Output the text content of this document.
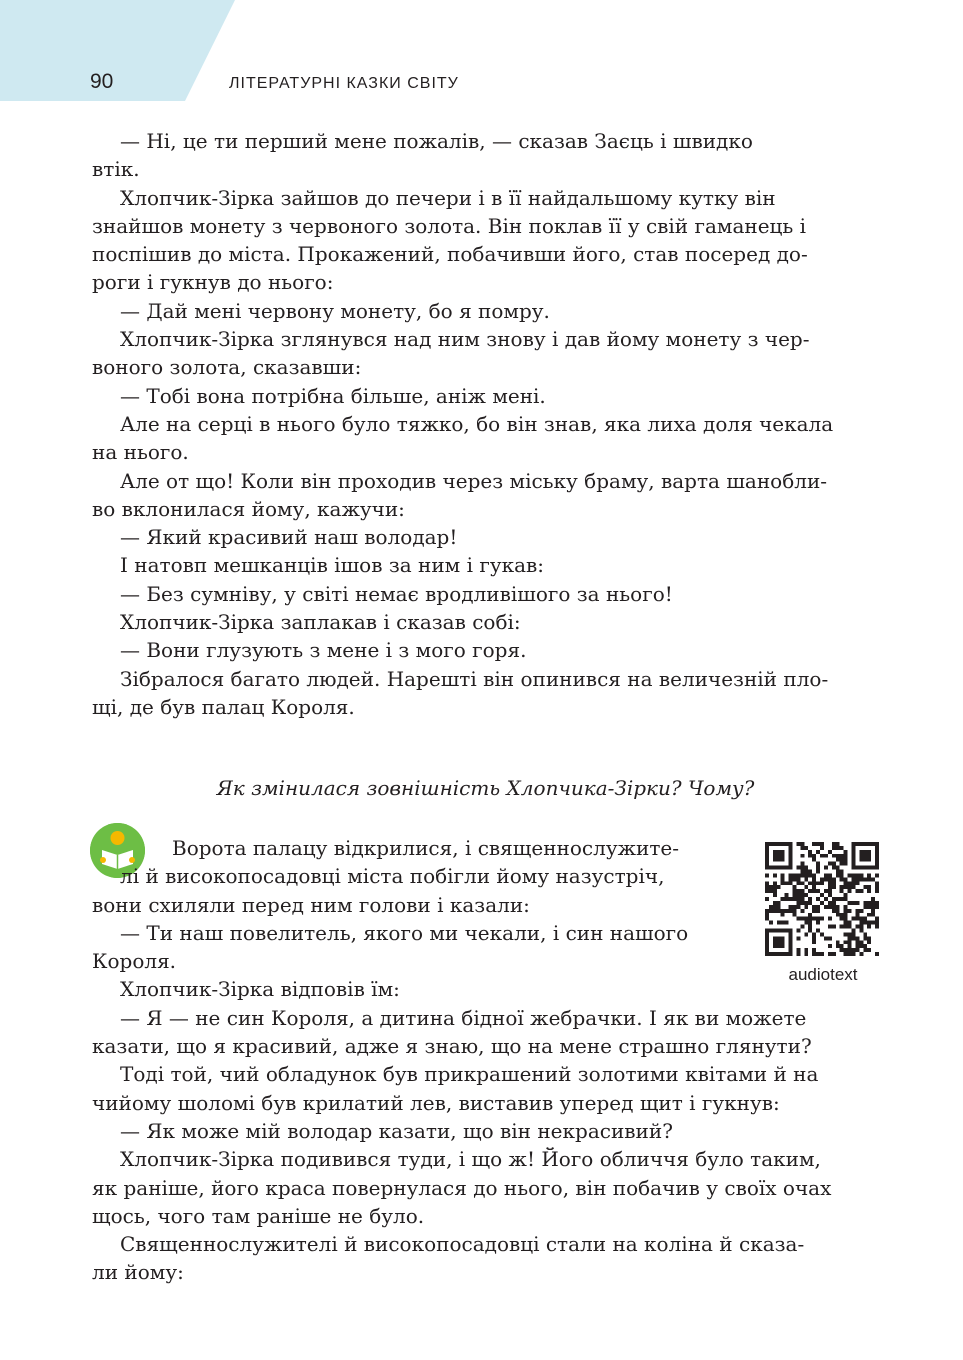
90	ЛІТЕРАТУРНІ КАЗКИ СВІТУ

— Ні, це ти перший мене пожалів, — сказав Заєць і швидко

втік.

Хлопчик-Зірка зайшов до печери і в її найдальшому кутку він

знайшов монету з червоного золота. Він поклав її у свій гаманець і

поспішив до міста. Прокажений, побачивши його, став посеред до-

роги і гукнув до нього:

— Дай мені червону монету, бо я помру.

Хлопчик-Зірка зглянувся над ним знову і дав йому монету з чер-

воного золота, сказавши:

— Тобі вона потрібна більше, аніж мені.

Але на серці в нього було тяжко, бо він знав, яка лиха доля чекала

на нього.

Але от що! Коли він проходив через міську браму, варта шанобли-

во вклонилася йому, кажучи:

— Який красивий наш володар!

І натовп мешканців ішов за ним і гукав:

— Без сумніву, у світі немає вродливішого за нього!

Хлопчик-Зірка заплакав і сказав собі:

— Вони глузують з мене і з мого горя.

Зібралося багато людей. Нарешті він опинився на величезній пло-

щі, де був палац Короля.

Як змінилася зовнішність Хлопчика-Зірки? Чому?

Ворота палацу відкрилися, і священнослужите-

лі й високопосадовці міста побігли йому назустріч,

вони схиляли перед ним голови і казали:

— Ти наш повелитель, якого ми чекали, і син нашого

Короля.

Хлопчик-Зірка відповів їм:

— Я — не син Короля, а дитина бідної жебрачки. І як ви можете

казати, що я красивий, адже я знаю, що на мене страшно глянути?

Тоді той, чий обладунок був прикрашений золотими квітами й на

чийому шоломі був крилатий лев, виставив уперед щит і гукнув:

— Як може мій володар казати, що він некрасивий?

Хлопчик-Зірка подивився туди, і що ж! Його обличчя було таким,

як раніше, його краса повернулася до нього, він побачив у своїх очах

щось, чого там раніше не було.

Священнослужителі й високопосадовці стали на коліна й сказа-

ли йому:

audiotext
